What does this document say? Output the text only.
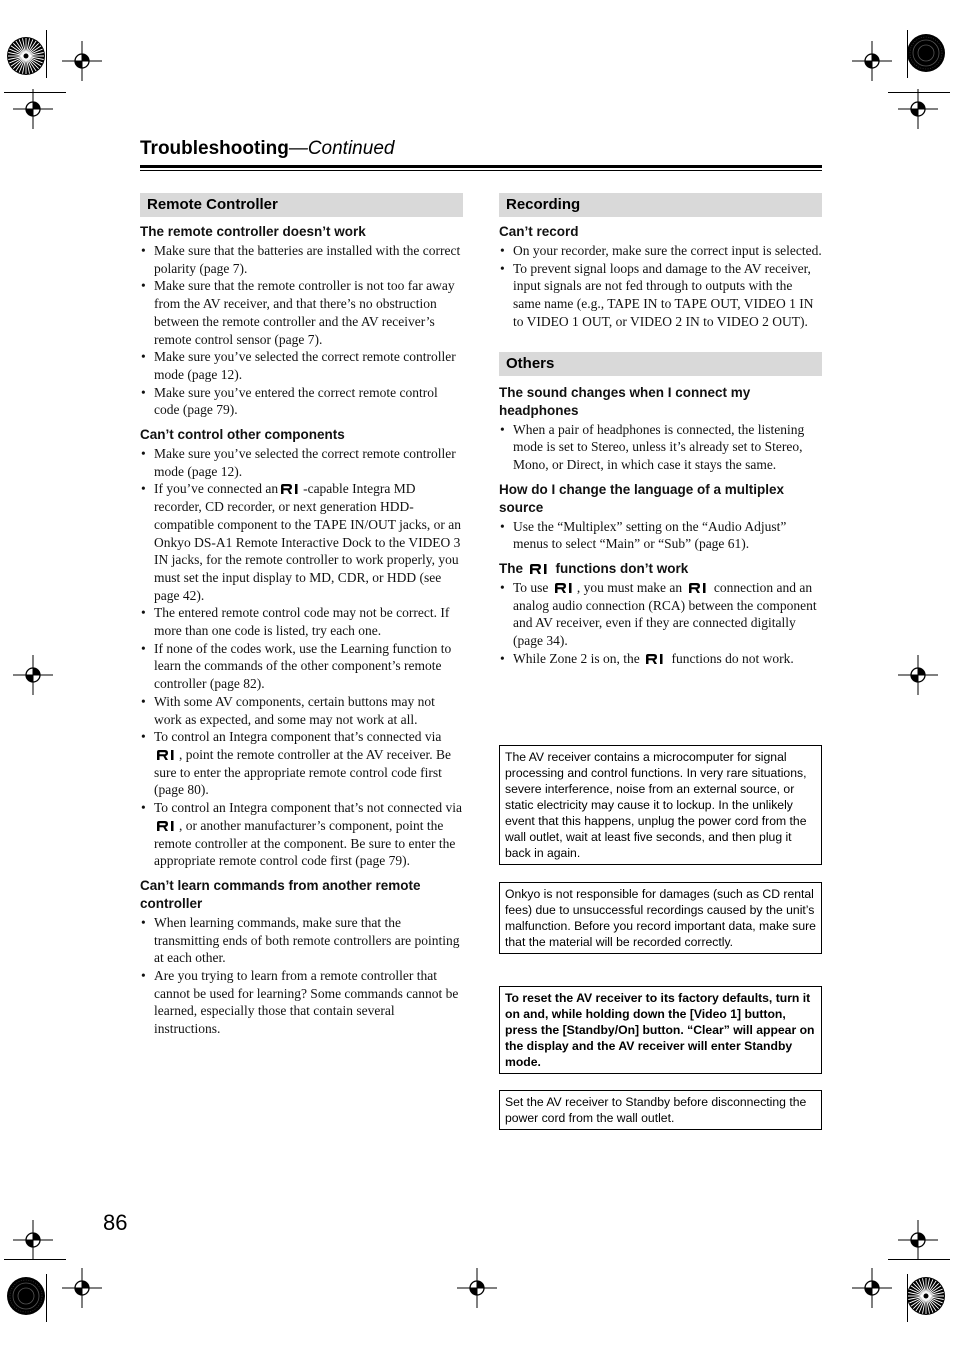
Troubleshooting—Continued
Remote Controller
The remote controller doesn’t work
• Make sure that the batteries are installed with the correct polarity (page 7).
• Make sure that the remote controller is not too far away from the AV receiver, and that there’s no obstruction between the remote controller and the AV receiver’s remote control sensor (page 7).
• Make sure you’ve selected the correct remote controller mode (page 12).
• Make sure you’ve entered the correct remote control code (page 79).
Can’t control other components
• Make sure you’ve selected the correct remote controller mode (page 12).
• If you’ve connected an -capable Integra MD recorder, CD recorder, or next generation HDD-compatible component to the TAPE IN/OUT jacks, or an Onkyo DS-A1 Remote Interactive Dock to the VIDEO 3 IN jacks, for the remote controller to work properly, you must set the input display to MD, CDR, or HDD (see page 42).
• The entered remote control code may not be correct. If more than one code is listed, try each one.
• If none of the codes work, use the Learning function to learn the commands of the other component’s remote controller (page 82).
• With some AV components, certain buttons may not work as expected, and some may not work at all.
• To control an Integra component that’s connected via , point the remote controller at the AV receiver. Be sure to enter the appropriate remote control code first (page 80).
• To control an Integra component that’s not connected via , or another manufacturer’s component, point the remote controller at the component. Be sure to enter the appropriate remote control code first (page 79).
Can’t learn commands from another remote controller
• When learning commands, make sure that the transmitting ends of both remote controllers are pointing at each other.
• Are you trying to learn from a remote controller that cannot be used for learning? Some commands cannot be learned, especially those that contain several instructions.
Recording
Can’t record
• On your recorder, make sure the correct input is selected.
• To prevent signal loops and damage to the AV receiver, input signals are not fed through to outputs with the same name (e.g., TAPE IN to TAPE OUT, VIDEO 1 IN to VIDEO 1 OUT, or VIDEO 2 IN to VIDEO 2 OUT).
Others
The sound changes when I connect my headphones
• When a pair of headphones is connected, the listening mode is set to Stereo, unless it’s already set to Stereo, Mono, or Direct, in which case it stays the same.
How do I change the language of a multiplex source
• Use the “Multiplex” setting on the “Audio Adjust” menus to select “Main” or “Sub” (page 61).
The functions don’t work
• To use , you must make an connection and an analog audio connection (RCA) between the component and AV receiver, even if they are connected digitally (page 34).
• While Zone 2 is on, the functions do not work.
The AV receiver contains a microcomputer for signal processing and control functions. In very rare situations, severe interference, noise from an external source, or static electricity may cause it to lockup. In the unlikely event that this happens, unplug the power cord from the wall outlet, wait at least five seconds, and then plug it back in again.
Onkyo is not responsible for damages (such as CD rental fees) due to unsuccessful recordings caused by the unit’s malfunction. Before you record important data, make sure that the material will be recorded correctly.
To reset the AV receiver to its factory defaults, turn it on and, while holding down the [Video 1] button, press the [Standby/On] button. “Clear” will appear on the display and the AV receiver will enter Standby mode.
Set the AV receiver to Standby before disconnecting the power cord from the wall outlet.
86
